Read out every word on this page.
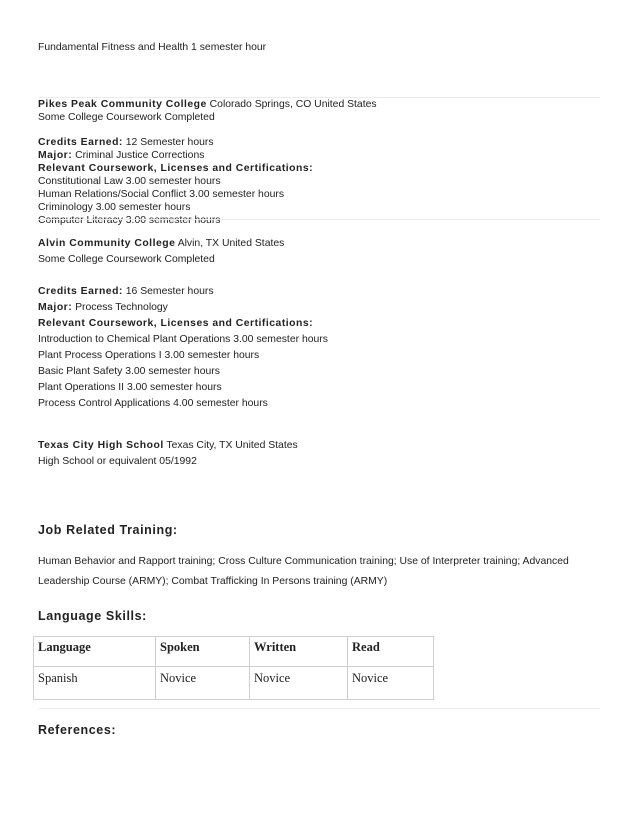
Fundamental Fitness and Health 1 semester hour
Pikes Peak Community College Colorado Springs, CO United States
Some College Coursework Completed
Credits Earned: 12 Semester hours
Major: Criminal Justice Corrections
Relevant Coursework, Licenses and Certifications:
Constitutional Law 3.00 semester hours
Human Relations/Social Conflict 3.00 semester hours
Criminology 3.00 semester hours
Computer Literacy 3.00 semester hours
Alvin Community College Alvin, TX United States
Some College Coursework Completed
Credits Earned: 16 Semester hours
Major: Process Technology
Relevant Coursework, Licenses and Certifications:
Introduction to Chemical Plant Operations 3.00 semester hours
Plant Process Operations I 3.00 semester hours
Basic Plant Safety 3.00 semester hours
Plant Operations II 3.00 semester hours
Process Control Applications 4.00 semester hours
Texas City High School Texas City, TX United States
High School or equivalent 05/1992
Job Related Training:
Human Behavior and Rapport training; Cross Culture Communication training; Use of Interpreter training; Advanced Leadership Course (ARMY); Combat Trafficking In Persons training (ARMY)
Language Skills:
Language	Spoken	Written	Read
Spanish	Novice	Novice	Novice
References:
